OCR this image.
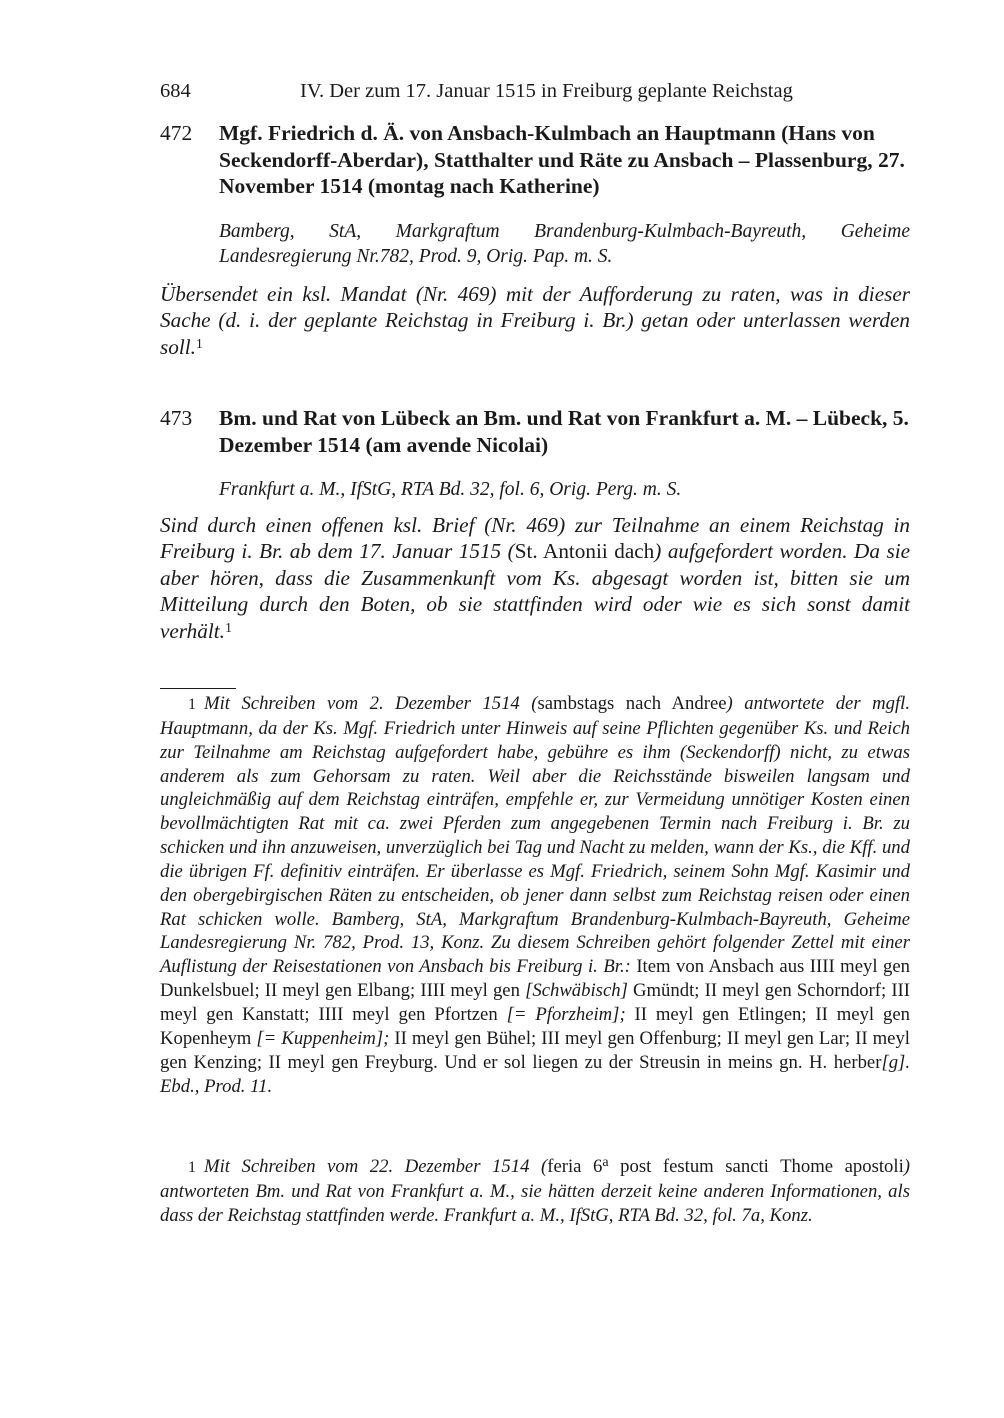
684	IV. Der zum 17. Januar 1515 in Freiburg geplante Reichstag
472 Mgf. Friedrich d. Ä. von Ansbach-Kulmbach an Hauptmann (Hans von Seckendorff-Aberdar), Statthalter und Räte zu Ansbach – Plassenburg, 27. November 1514 (montag nach Katherine)
Bamberg, StA, Markgraftum Brandenburg-Kulmbach-Bayreuth, Geheime Landesregierung Nr.782, Prod. 9, Orig. Pap. m. S.
Übersendet ein ksl. Mandat (Nr. 469) mit der Aufforderung zu raten, was in dieser Sache (d. i. der geplante Reichstag in Freiburg i. Br.) getan oder unterlassen werden soll.$^1$
473 Bm. und Rat von Lübeck an Bm. und Rat von Frankfurt a. M. – Lübeck, 5. Dezember 1514 (am avende Nicolai)
Frankfurt a. M., IfStG, RTA Bd. 32, fol. 6, Orig. Perg. m. S.
Sind durch einen offenen ksl. Brief (Nr. 469) zur Teilnahme an einem Reichstag in Freiburg i. Br. ab dem 17. Januar 1515 (St. Antonii dach) aufgefordert worden. Da sie aber hören, dass die Zusammenkunft vom Ks. abgesagt worden ist, bitten sie um Mitteilung durch den Boten, ob sie stattfinden wird oder wie es sich sonst damit verhält.$^1$
1 Mit Schreiben vom 2. Dezember 1514 (sambstags nach Andree) antwortete der mgfl. Hauptmann, da der Ks. Mgf. Friedrich unter Hinweis auf seine Pflichten gegenüber Ks. und Reich zur Teilnahme am Reichstag aufgefordert habe, gebühre es ihm (Seckendorff) nicht, zu etwas anderem als zum Gehorsam zu raten. Weil aber die Reichsstände bisweilen langsam und ungleichmäßig auf dem Reichstag einträfen, empfehle er, zur Vermeidung unnötiger Kosten einen bevollmächtigten Rat mit ca. zwei Pferden zum angegebenen Termin nach Freiburg i. Br. zu schicken und ihn anzuweisen, unverzüglich bei Tag und Nacht zu melden, wann der Ks., die Kff. und die übrigen Ff. definitiv einträfen. Er überlasse es Mgf. Friedrich, seinem Sohn Mgf. Kasimir und den obergebirgischen Räten zu entscheiden, ob jener dann selbst zum Reichstag reisen oder einen Rat schicken wolle. Bamberg, StA, Markgraftum Brandenburg-Kulmbach-Bayreuth, Geheime Landesregierung Nr. 782, Prod. 13, Konz. Zu diesem Schreiben gehört folgender Zettel mit einer Auflistung der Reisestationen von Ansbach bis Freiburg i. Br.: Item von Ansbach aus IIII meyl gen Dunkelsbuel; II meyl gen Elbang; IIII meyl gen [Schwäbisch] Gmündt; II meyl gen Schorndorf; III meyl gen Kanstatt; IIII meyl gen Pfortzen [= Pforzheim]; II meyl gen Etlingen; II meyl gen Kopenheym [= Kuppenheim]; II meyl gen Bühel; III meyl gen Offenburg; II meyl gen Lar; II meyl gen Kenzing; II meyl gen Freyburg. Und er sol liegen zu der Streusin in meins gn. H. herber[g]. Ebd., Prod. 11.
1 Mit Schreiben vom 22. Dezember 1514 (feria 6$^a$ post festum sancti Thome apostoli) antworteten Bm. und Rat von Frankfurt a. M., sie hätten derzeit keine anderen Informationen, als dass der Reichstag stattfinden werde. Frankfurt a. M., IfStG, RTA Bd. 32, fol. 7a, Konz.
